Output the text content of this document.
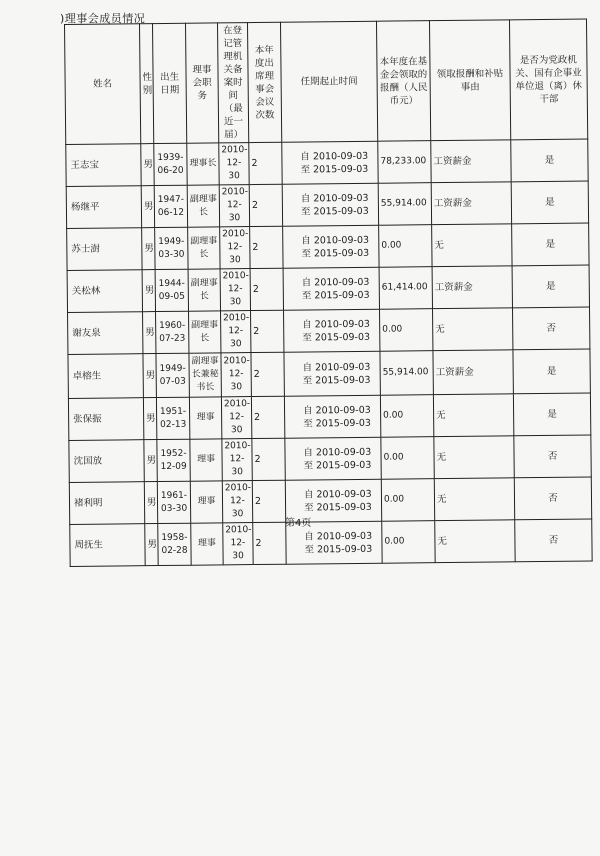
)理事会成员情况
姓名	性别	出生日期	理事会职务	在登记管理机关备案时间（最近一届）	本年度出席理事会会议次数	任期起止时间	本年度在基金会领取的报酬（人民币元）	领取报酬和补贴事由	是否为党政机关、国有企事业单位退（离）休干部
王志宝	男	1939-06-20	理事长	2010-12-30	2	自 2010-09-03
至 2015-09-03	78,233.00	工资薪金	是
杨继平	男	1947-06-12	副理事长	2010-12-30	2	自 2010-09-03
至 2015-09-03	55,914.00	工资薪金	是
苏士澍	男	1949-03-30	副理事长	2010-12-30	2	自 2010-09-03
至 2015-09-03	0.00	无	是
关松林	男	1944-09-05	副理事长	2010-12-30	2	自 2010-09-03
至 2015-09-03	61,414.00	工资薪金	是
谢友泉	男	1960-07-23	副理事长	2010-12-30	2	自 2010-09-03
至 2015-09-03	0.00	无	否
卓榕生	男	1949-07-03	副理事长兼秘书长	2010-12-30	2	自 2010-09-03
至 2015-09-03	55,914.00	工资薪金	是
张保振	男	1951-02-13	理事	2010-12-30	2	自 2010-09-03
至 2015-09-03	0.00	无	是
沈国放	男	1952-12-09	理事	2010-12-30	2	自 2010-09-03
至 2015-09-03	0.00	无	否
褚利明	男	1961-03-30	理事	2010-12-30	2	自 2010-09-03
至 2015-09-03	0.00	无	否
周抚生	男	1958-02-28	理事	2010-12-30	2	自 2010-09-03
至 2015-09-03	0.00	无	否
第4页
